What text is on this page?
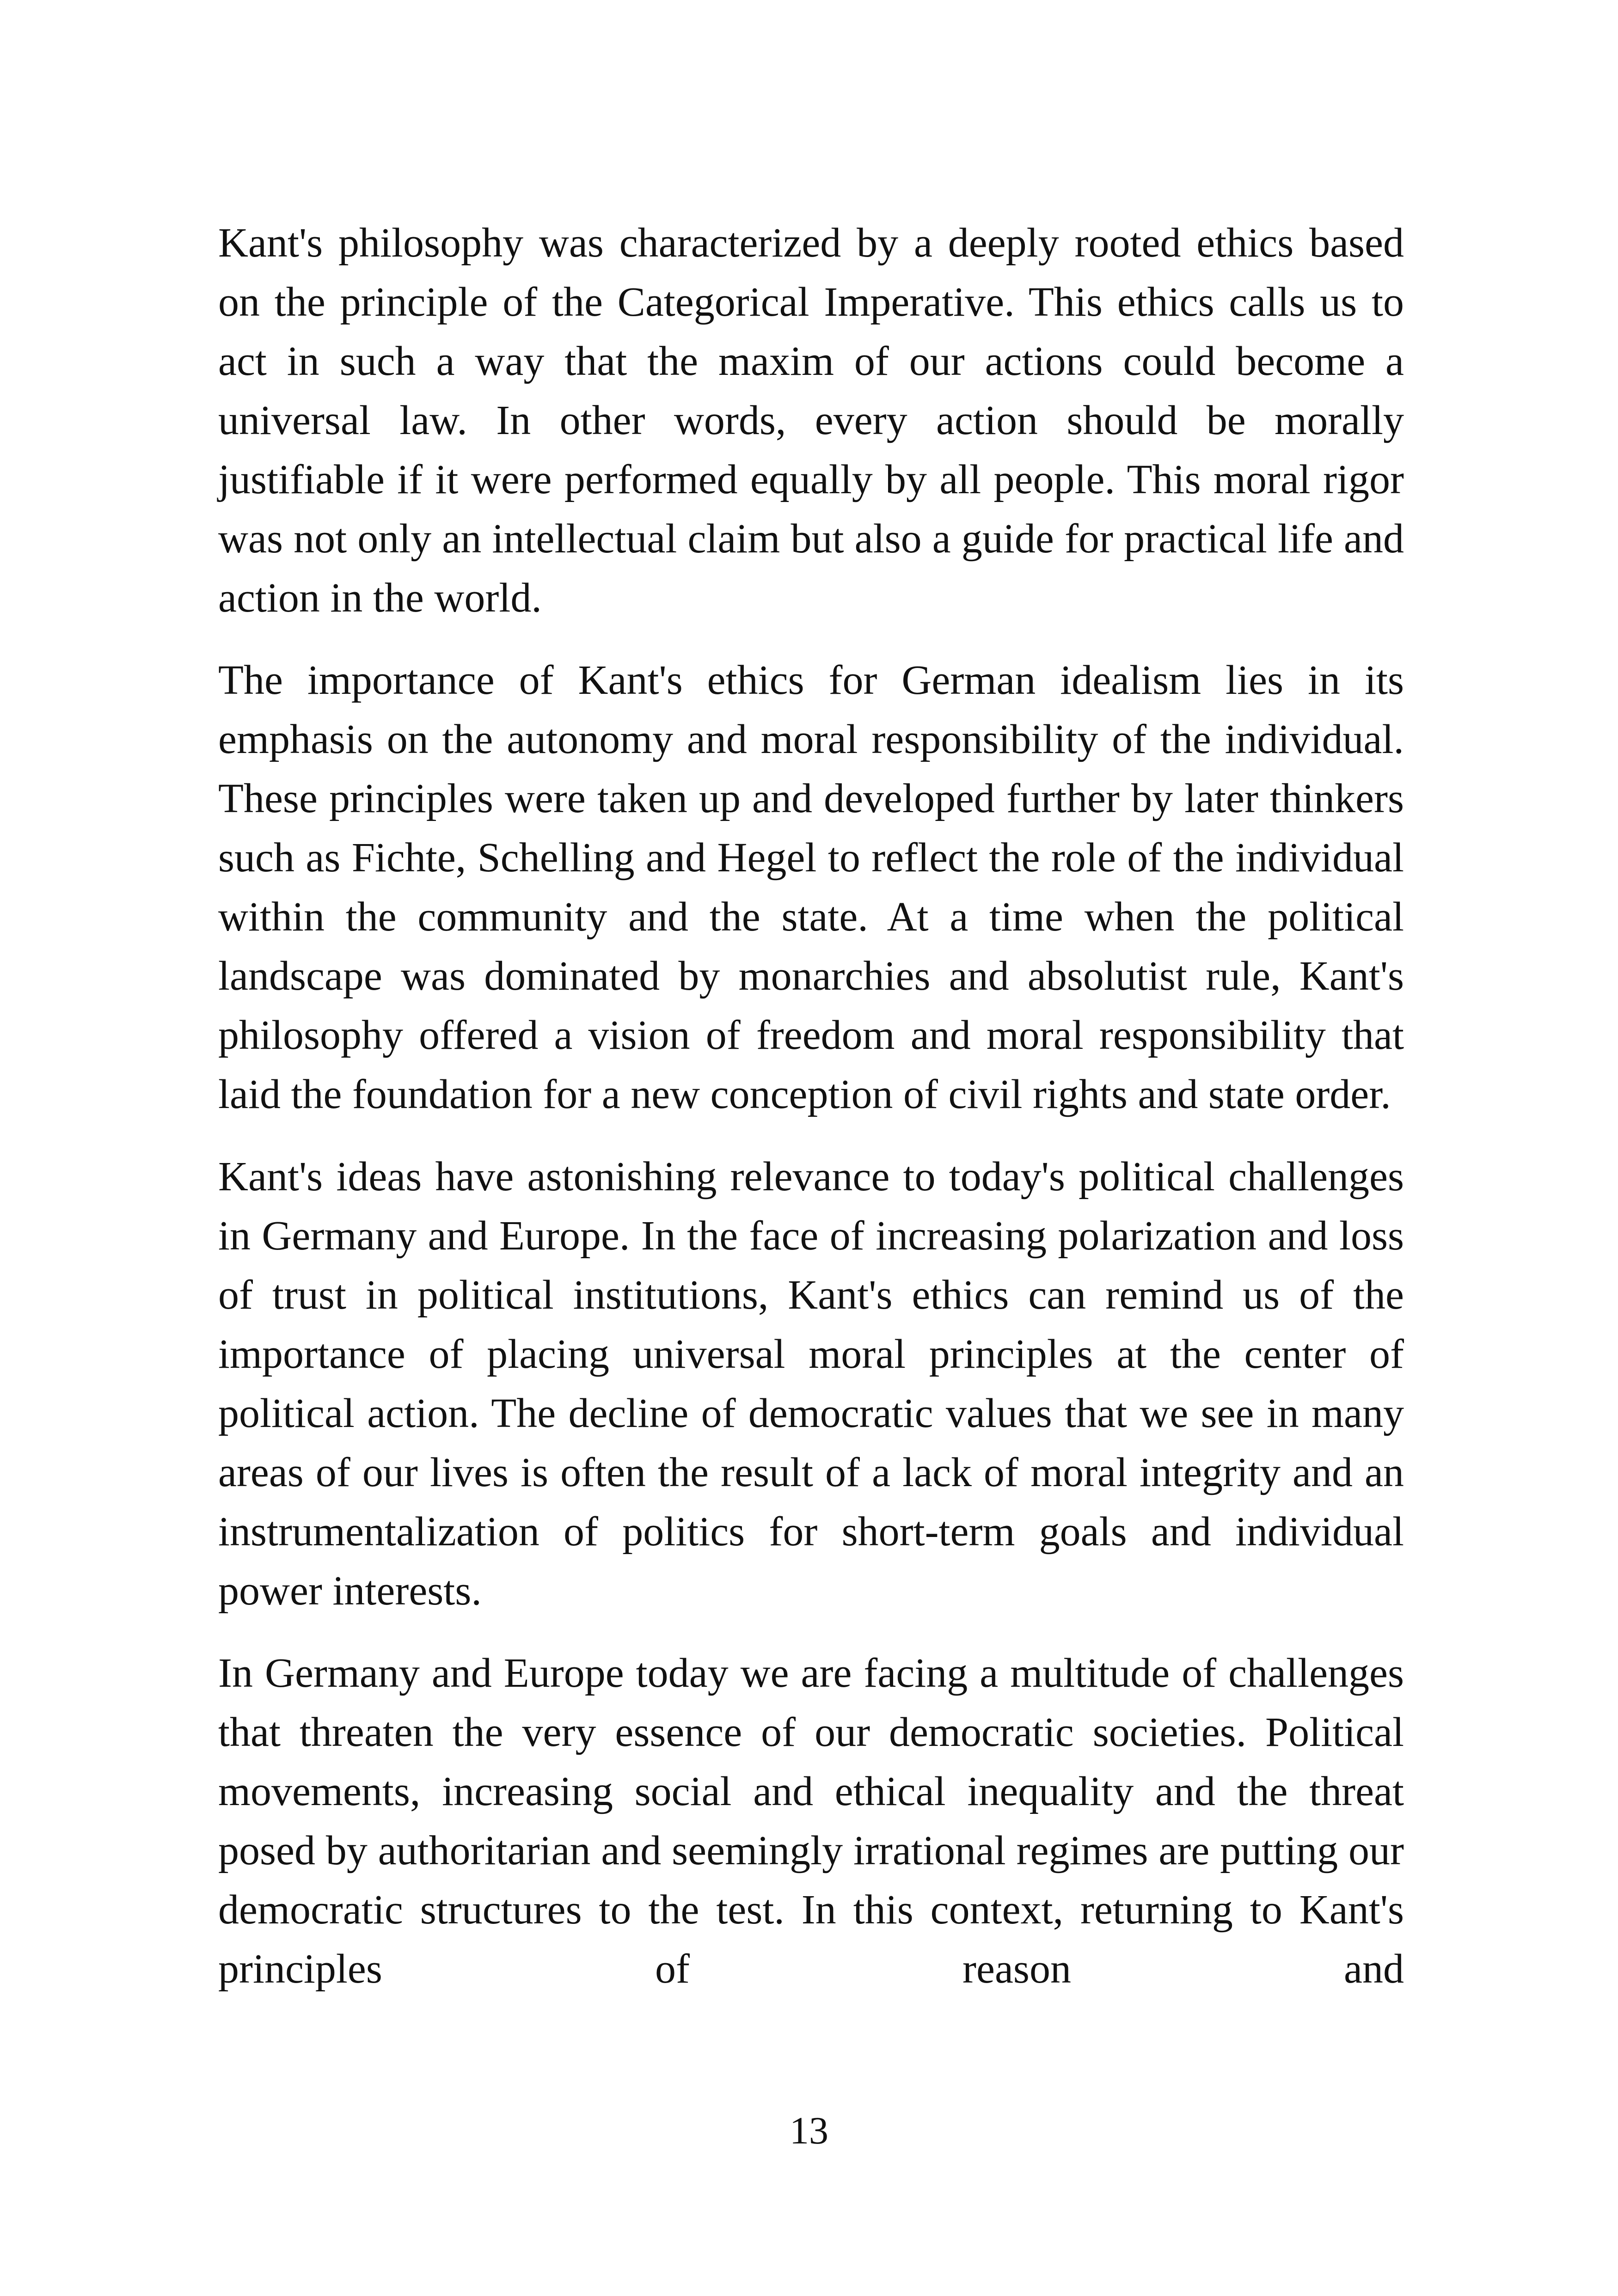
Kant's philosophy was characterized by a deeply rooted ethics based on the principle of the Categorical Imperative. This ethics calls us to act in such a way that the maxim of our actions could become a universal law. In other words, every action should be morally justifiable if it were performed equally by all people. This moral rigor was not only an intellectual claim but also a guide for practical life and action in the world.

The importance of Kant's ethics for German idealism lies in its emphasis on the autonomy and moral responsibility of the individual. These principles were taken up and developed further by later thinkers such as Fichte, Schelling and Hegel to reflect the role of the individual within the community and the state. At a time when the political landscape was dominated by monarchies and absolutist rule, Kant's philosophy offered a vision of freedom and moral responsibility that laid the foundation for a new conception of civil rights and state order.

Kant's ideas have astonishing relevance to today's political challenges in Germany and Europe. In the face of increasing polarization and loss of trust in political institutions, Kant's ethics can remind us of the importance of placing universal moral principles at the center of political action. The decline of democratic values that we see in many areas of our lives is often the result of a lack of moral integrity and an instrumentalization of politics for short-term goals and individual power interests.

In Germany and Europe today we are facing a multitude of challenges that threaten the very essence of our democratic societies. Political movements, increasing social and ethical inequality and the threat posed by authoritarian and seemingly irrational regimes are putting our democratic structures to the test. In this context, returning to Kant's principles of reason and

13
